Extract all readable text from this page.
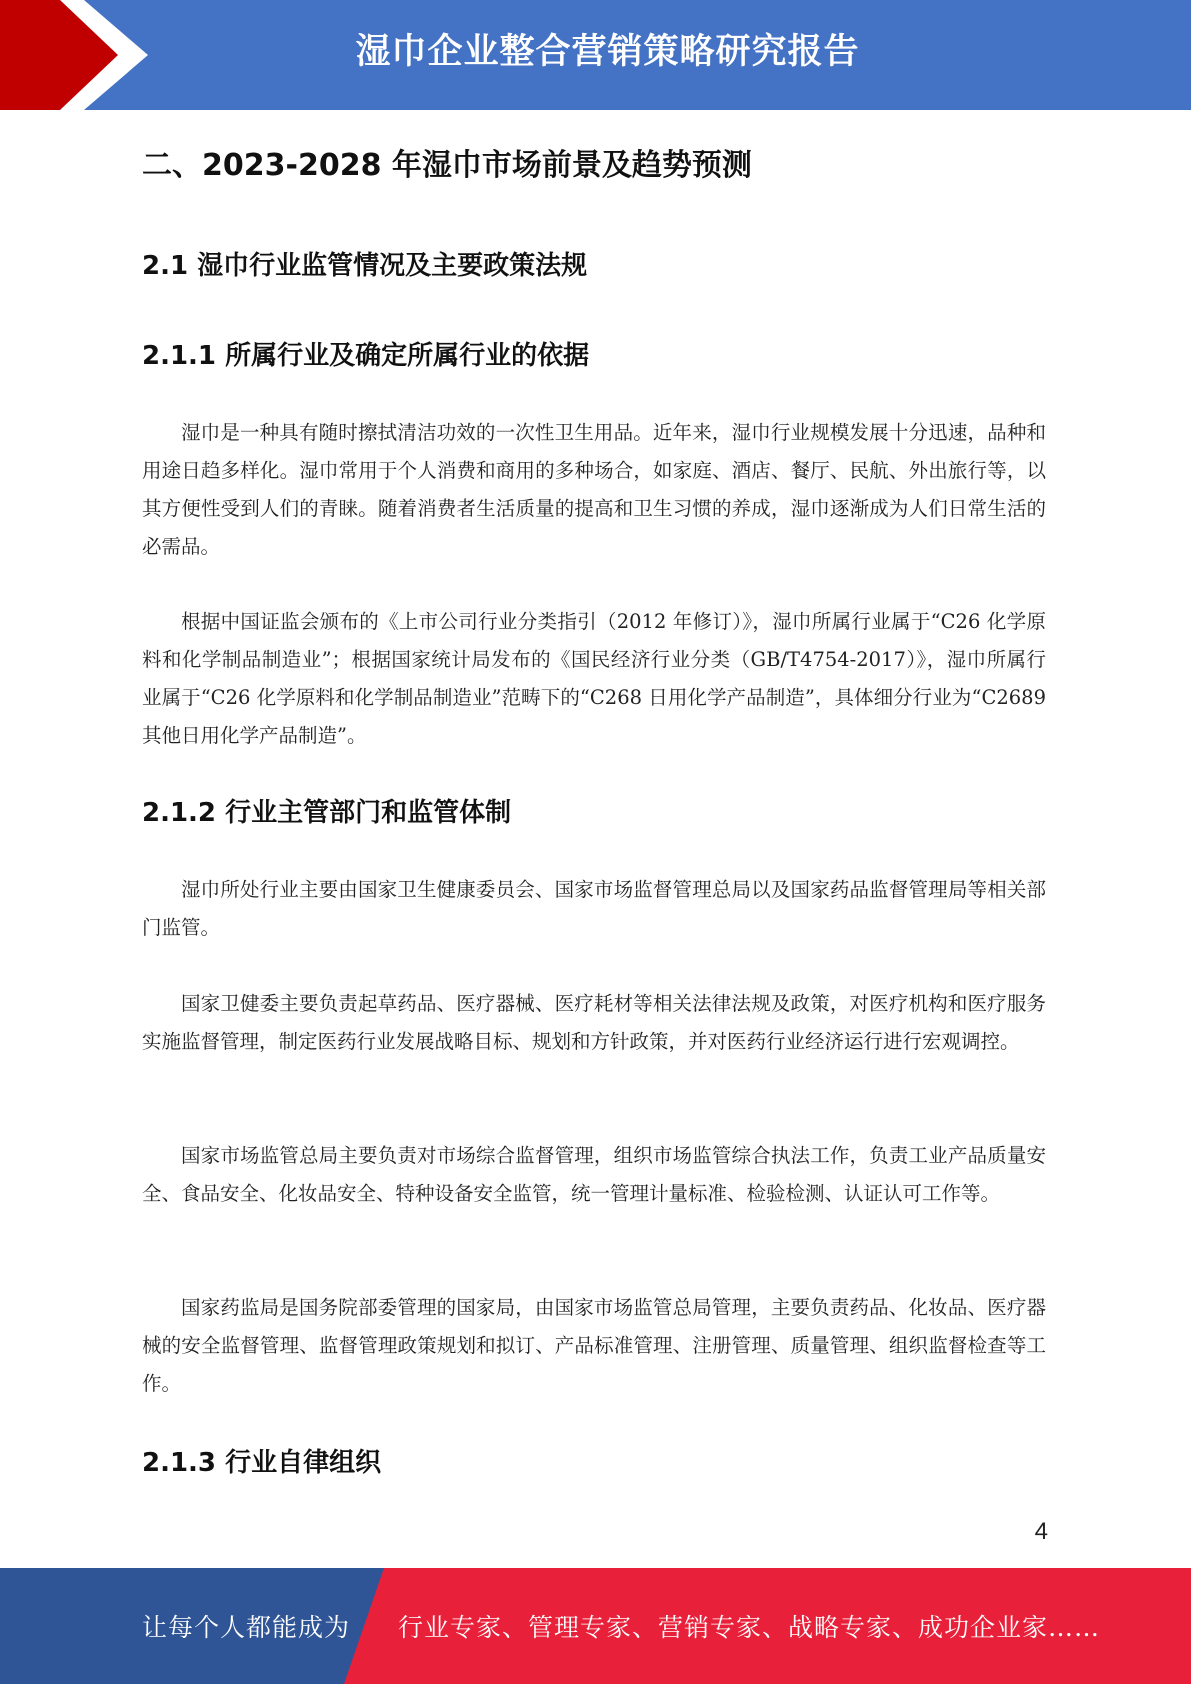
湿巾企业整合营销策略研究报告
二、2023-2028 年湿巾市场前景及趋势预测
2.1 湿巾行业监管情况及主要政策法规
2.1.1 所属行业及确定所属行业的依据

湿巾是一种具有随时擦拭清洁功效的一次性卫生用品。近年来，湿巾行业规模发展十分迅速，品种和用途日趋多样化。湿巾常用于个人消费和商用的多种场合，如家庭、酒店、餐厅、民航、外出旅行等，以其方便性受到人们的青睐。随着消费者生活质量的提高和卫生习惯的养成，湿巾逐渐成为人们日常生活的必需品。

根据中国证监会颁布的《上市公司行业分类指引（2012 年修订）》，湿巾所属行业属于“C26 化学原料和化学制品制造业”；根据国家统计局发布的《国民经济行业分类（GB/T4754-2017）》，湿巾所属行业属于“C26 化学原料和化学制品制造业”范畴下的“C268 日用化学产品制造”，具体细分行业为“C2689 其他日用化学产品制造”。

2.1.2 行业主管部门和监管体制

湿巾所处行业主要由国家卫生健康委员会、国家市场监督管理总局以及国家药品监督管理局等相关部门监管。

国家卫健委主要负责起草药品、医疗器械、医疗耗材等相关法律法规及政策，对医疗机构和医疗服务实施监督管理，制定医药行业发展战略目标、规划和方针政策，并对医药行业经济运行进行宏观调控。

国家市场监管总局主要负责对市场综合监督管理，组织市场监管综合执法工作，负责工业产品质量安全、食品安全、化妆品安全、特种设备安全监管，统一管理计量标准、检验检测、认证认可工作等。

国家药监局是国务院部委管理的国家局，由国家市场监管总局管理，主要负责药品、化妆品、医疗器械的安全监督管理、监督管理政策规划和拟订、产品标准管理、注册管理、质量管理、组织监督检查等工作。

2.1.3 行业自律组织
4
让每个人都能成为 行业专家、管理专家、营销专家、战略专家、成功企业家……
